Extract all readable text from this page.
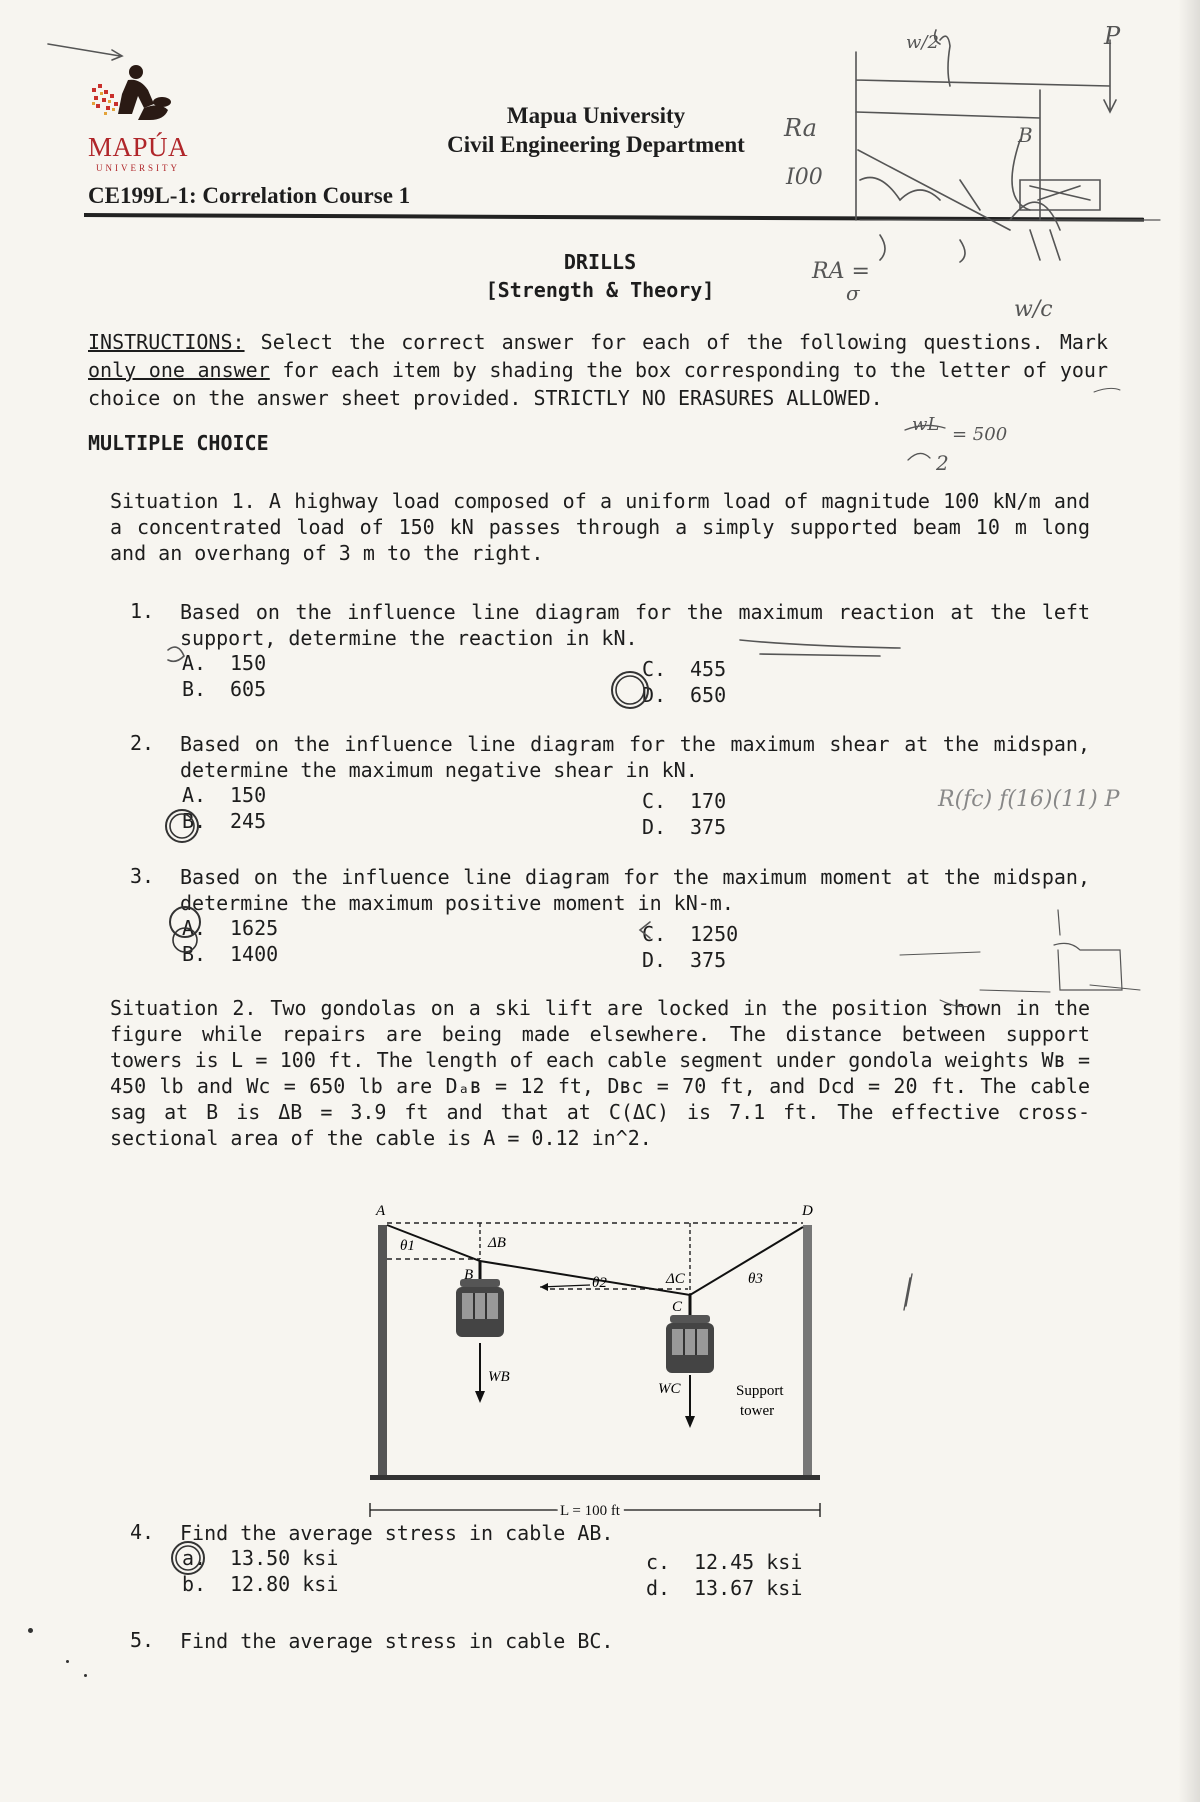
MAPÚA
UNIVERSITY
Mapua University
Civil Engineering Department
CE199L-1: Correlation Course 1
DRILLS
[Strength & Theory]
INSTRUCTIONS: Select the correct answer for each of the following questions. Mark only one answer for each item by shading the box corresponding to the letter of your choice on the answer sheet provided. STRICTLY NO ERASURES ALLOWED.
MULTIPLE CHOICE
Situation 1. A highway load composed of a uniform load of magnitude 100 kN/m and a concentrated load of 150 kN passes through a simply supported beam 10 m long and an overhang of 3 m to the right.
1. Based on the influence line diagram for the maximum reaction at the left support, determine the reaction in kN.
A. 150
B. 605
C. 455
D. 650
2. Based on the influence line diagram for the maximum shear at the midspan, determine the maximum negative shear in kN.
A. 150
B. 245
C. 170
D. 375
3. Based on the influence line diagram for the maximum moment at the midspan, determine the maximum positive moment in kN-m.
A. 1625
B. 1400
C. 1250
D. 375
Situation 2. Two gondolas on a ski lift are locked in the position shown in the figure while repairs are being made elsewhere. The distance between support towers is L = 100 ft. The length of each cable segment under gondola weights Wʙ = 450 lb and Wc = 650 lb are Dₐʙ = 12 ft, Dʙc = 70 ft, and Dcd = 20 ft. The cable sag at B is ΔB = 3.9 ft and that at C(ΔC) is 7.1 ft. The effective cross-sectional area of the cable is A = 0.12 in^2.
A	D
B
C
θ1
θ2	θ3
ΔB
ΔC
WB
WC	Support
tower
L = 100 ft
4. Find the average stress in cable AB.
a. 13.50 ksi
b. 12.80 ksi
c. 12.45 ksi
d. 13.67 ksi
5. Find the average stress in cable BC.
Ra
I00
RA =
σ
w/2	P
B
w/c
wL
2
= 500
R(fc) f(16)(11) P
